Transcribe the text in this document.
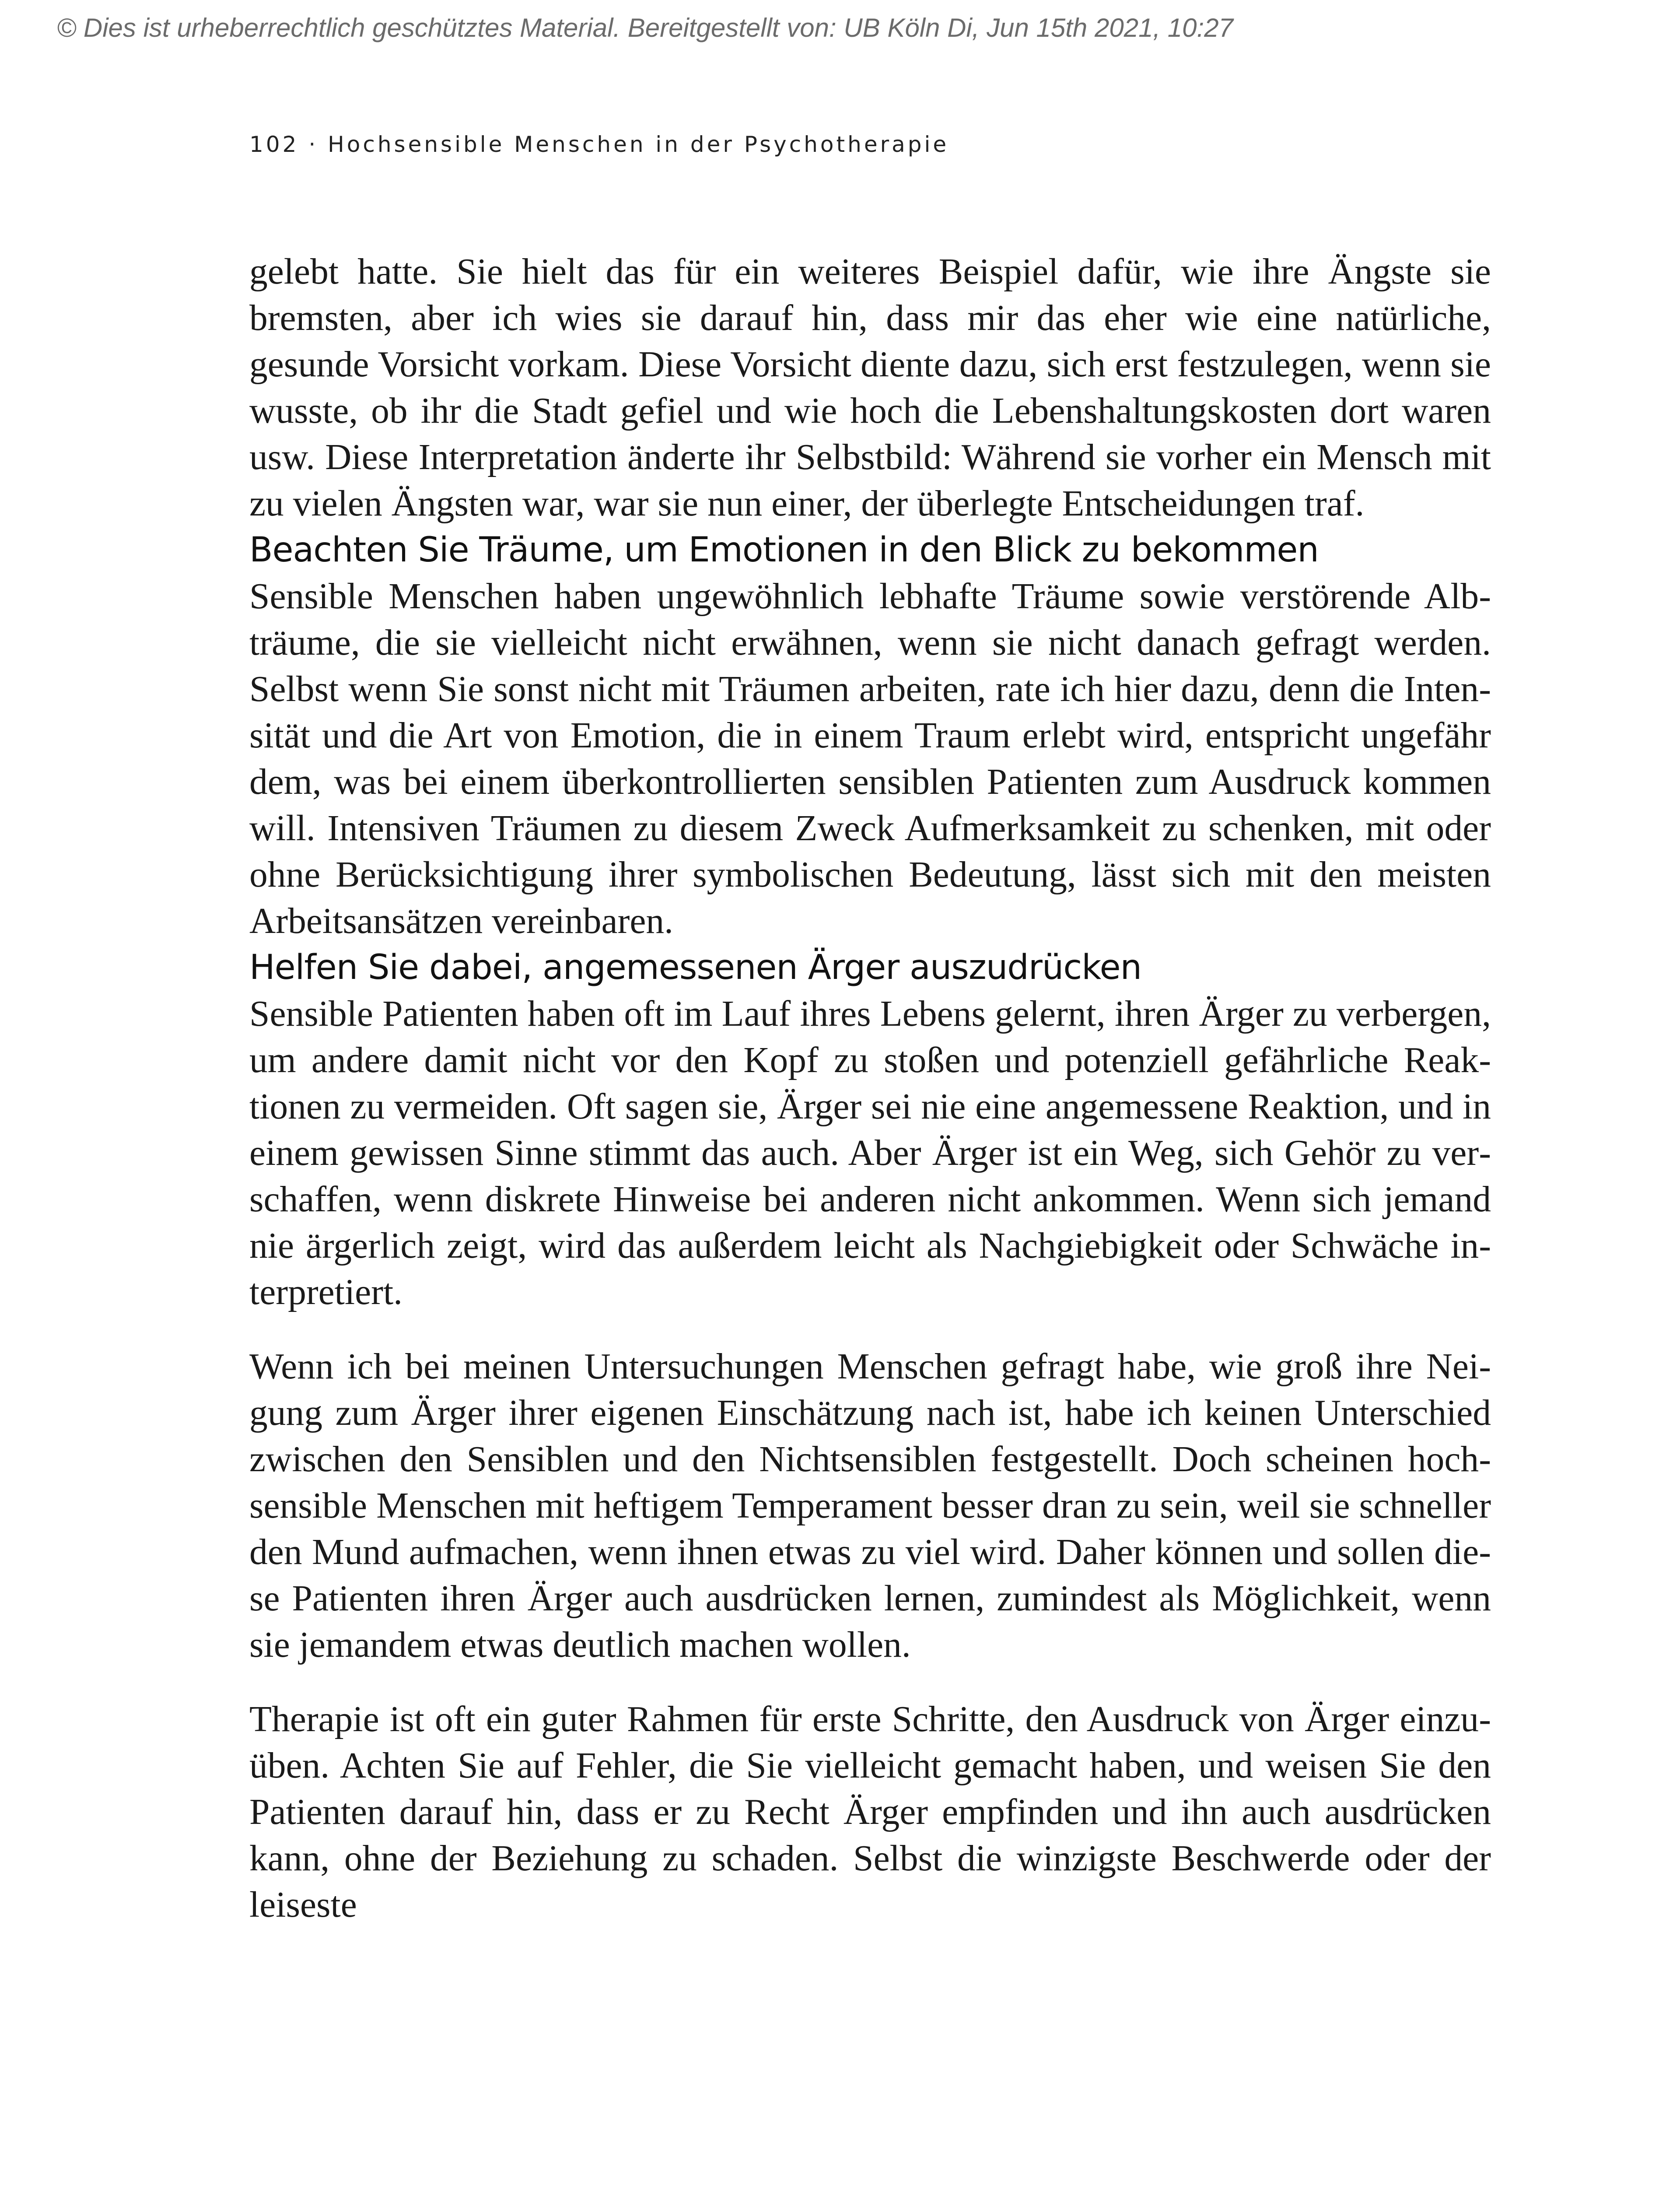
© Dies ist urheberrechtlich geschütztes Material. Bereitgestellt von: UB Köln Di, Jun 15th 2021, 10:27
102 · Hochsensible Menschen in der Psychotherapie

gelebt hatte. Sie hielt das für ein weiteres Beispiel dafür, wie ihre Ängste sie bremsten, aber ich wies sie darauf hin, dass mir das eher wie eine natürliche, gesunde Vorsicht vorkam. Diese Vorsicht diente dazu, sich erst festzulegen, wenn sie wusste, ob ihr die Stadt gefiel und wie hoch die Lebenshaltungskosten dort waren usw. Diese Interpretation änderte ihr Selbstbild: Während sie vorher ein Mensch mit zu vielen Ängsten war, war sie nun einer, der überlegte Entscheidungen traf.

Beachten Sie Träume, um Emotionen in den Blick zu bekommen

Sensible Menschen haben ungewöhnlich lebhafte Träume sowie verstörende Albträume, die sie vielleicht nicht erwähnen, wenn sie nicht danach gefragt werden. Selbst wenn Sie sonst nicht mit Träumen arbeiten, rate ich hier dazu, denn die Intensität und die Art von Emotion, die in einem Traum erlebt wird, entspricht ungefähr dem, was bei einem überkontrollierten sensiblen Patienten zum Ausdruck kommen will. Intensiven Träumen zu diesem Zweck Aufmerksamkeit zu schenken, mit oder ohne Berücksichtigung ihrer symbolischen Bedeutung, lässt sich mit den meisten Arbeitsansätzen vereinbaren.

Helfen Sie dabei, angemessenen Ärger auszudrücken

Sensible Patienten haben oft im Lauf ihres Lebens gelernt, ihren Ärger zu verbergen, um andere damit nicht vor den Kopf zu stoßen und potenziell gefährliche Reaktionen zu vermeiden. Oft sagen sie, Ärger sei nie eine angemessene Reaktion, und in einem gewissen Sinne stimmt das auch. Aber Ärger ist ein Weg, sich Gehör zu verschaffen, wenn diskrete Hinweise bei anderen nicht ankommen. Wenn sich jemand nie ärgerlich zeigt, wird das außerdem leicht als Nachgiebigkeit oder Schwäche interpretiert.

Wenn ich bei meinen Untersuchungen Menschen gefragt habe, wie groß ihre Neigung zum Ärger ihrer eigenen Einschätzung nach ist, habe ich keinen Unterschied zwischen den Sensiblen und den Nichtsensiblen festgestellt. Doch scheinen hochsensible Menschen mit heftigem Temperament besser dran zu sein, weil sie schneller den Mund aufmachen, wenn ihnen etwas zu viel wird. Daher können und sollen diese Patienten ihren Ärger auch ausdrücken lernen, zumindest als Möglichkeit, wenn sie jemandem etwas deutlich machen wollen.

Therapie ist oft ein guter Rahmen für erste Schritte, den Ausdruck von Ärger einzuüben. Achten Sie auf Fehler, die Sie vielleicht gemacht haben, und weisen Sie den Patienten darauf hin, dass er zu Recht Ärger empfinden und ihn auch ausdrücken kann, ohne der Beziehung zu schaden. Selbst die winzigste Beschwerde oder der leiseste
